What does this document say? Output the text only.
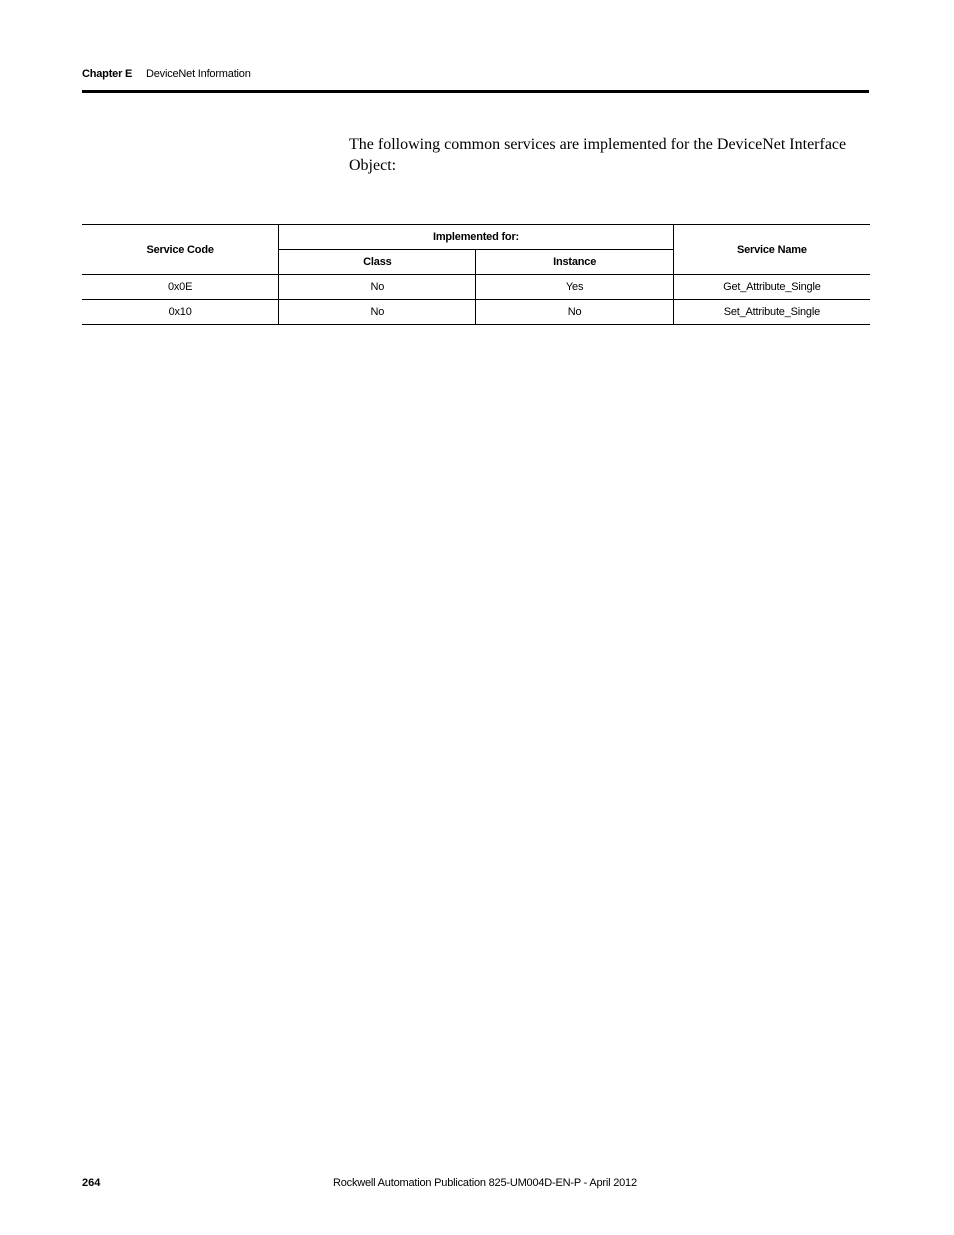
Chapter E DeviceNet Information

The following common services are implemented for the DeviceNet Interface Object:

Service Code	Implemented for:		Service Name
	Class	Instance	
0x0E	No	Yes	Get_Attribute_Single
0x10	No	No	Set_Attribute_Single
264	Rockwell Automation Publication 825-UM004D-EN-P - April 2012
